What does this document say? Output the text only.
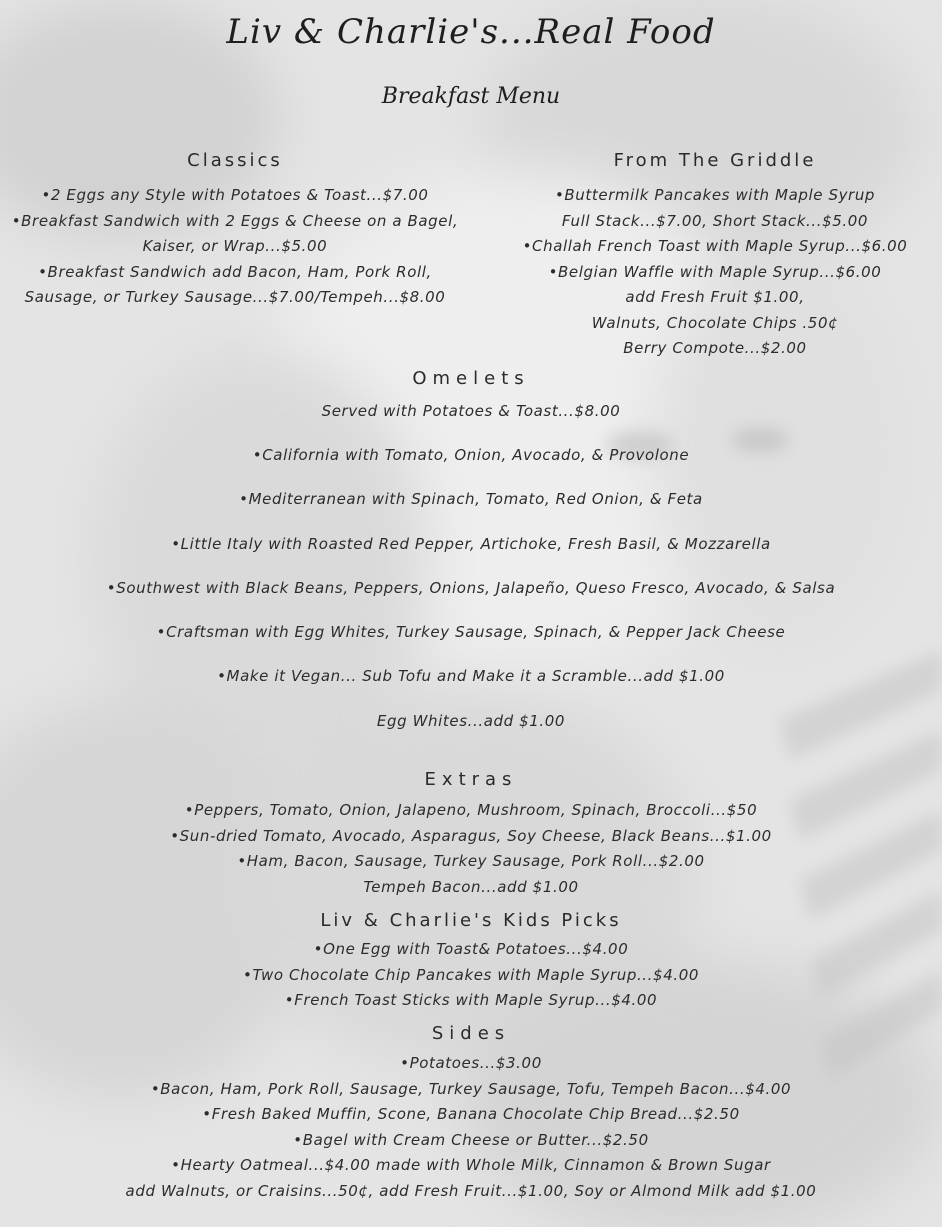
Liv & Charlie's...Real Food
Breakfast Menu

Classics

•2 Eggs any Style with Potatoes & Toast...$7.00

•Breakfast Sandwich with 2 Eggs & Cheese on a Bagel,

Kaiser, or Wrap...$5.00

•Breakfast Sandwich add Bacon, Ham, Pork Roll,

Sausage, or Turkey Sausage...$7.00/Tempeh...$8.00

From The Griddle

•Buttermilk Pancakes with Maple Syrup

Full Stack...$7.00, Short Stack...$5.00

•Challah French Toast with Maple Syrup...$6.00

•Belgian Waffle with Maple Syrup...$6.00

add Fresh Fruit $1.00,

Walnuts, Chocolate Chips .50¢

Berry Compote...$2.00

Omelets

Served with Potatoes & Toast...$8.00

•California with Tomato, Onion, Avocado, & Provolone

•Mediterranean with Spinach, Tomato, Red Onion, & Feta

•Little Italy with Roasted Red Pepper, Artichoke, Fresh Basil, & Mozzarella

•Southwest with Black Beans, Peppers, Onions, Jalapeño, Queso Fresco, Avocado, & Salsa

•Craftsman with Egg Whites, Turkey Sausage, Spinach, & Pepper Jack Cheese

•Make it Vegan... Sub Tofu and Make it a Scramble...add $1.00

Egg Whites...add $1.00

Extras

•Peppers, Tomato, Onion, Jalapeno, Mushroom, Spinach, Broccoli...$50

•Sun-dried Tomato, Avocado, Asparagus, Soy Cheese, Black Beans...$1.00

•Ham, Bacon, Sausage, Turkey Sausage, Pork Roll...$2.00

Tempeh Bacon...add $1.00

Liv & Charlie's Kids Picks

•One Egg with Toast& Potatoes...$4.00

•Two Chocolate Chip Pancakes with Maple Syrup...$4.00

•French Toast Sticks with Maple Syrup...$4.00

Sides

•Potatoes...$3.00

•Bacon, Ham, Pork Roll, Sausage, Turkey Sausage, Tofu, Tempeh Bacon...$4.00

•Fresh Baked Muffin, Scone, Banana Chocolate Chip Bread...$2.50

•Bagel with Cream Cheese or Butter...$2.50

•Hearty Oatmeal...$4.00 made with Whole Milk, Cinnamon & Brown Sugar

add Walnuts, or Craisins...50¢, add Fresh Fruit...$1.00, Soy or Almond Milk add $1.00
